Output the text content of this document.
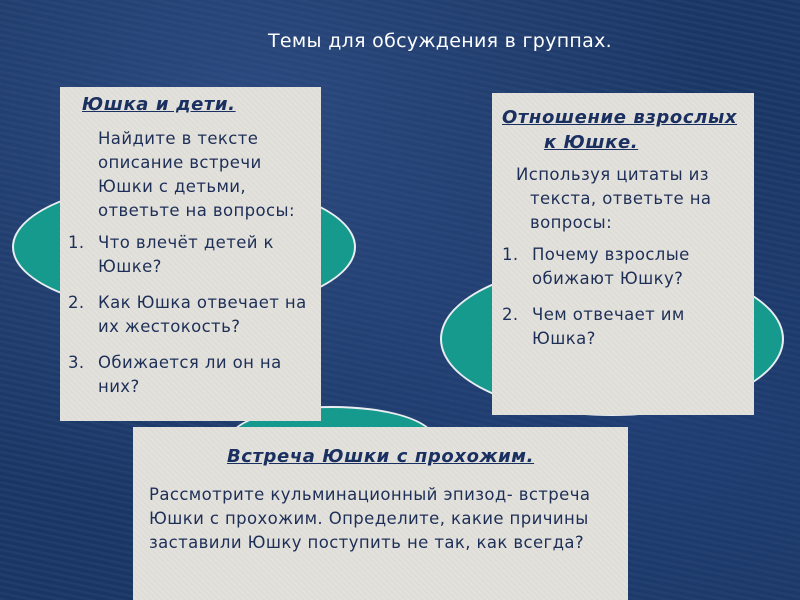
Темы для обсуждения в группах.
Юшка и дети.
Найдите в тексте описание встречи Юшки с детьми, ответьте на вопросы:
1. Что влечёт детей к Юшке?
2. Как Юшка отвечает на их жестокость?
3. Обижается ли он на них?
Отношение взрослых к Юшке.
Используя цитаты из текста, ответьте на вопросы:
1. Почему взрослые обижают Юшку?
2. Чем отвечает им Юшка?
Встреча Юшки с прохожим.
Рассмотрите кульминационный эпизод- встреча Юшки с прохожим. Определите, какие причины заставили Юшку поступить не так, как всегда?
